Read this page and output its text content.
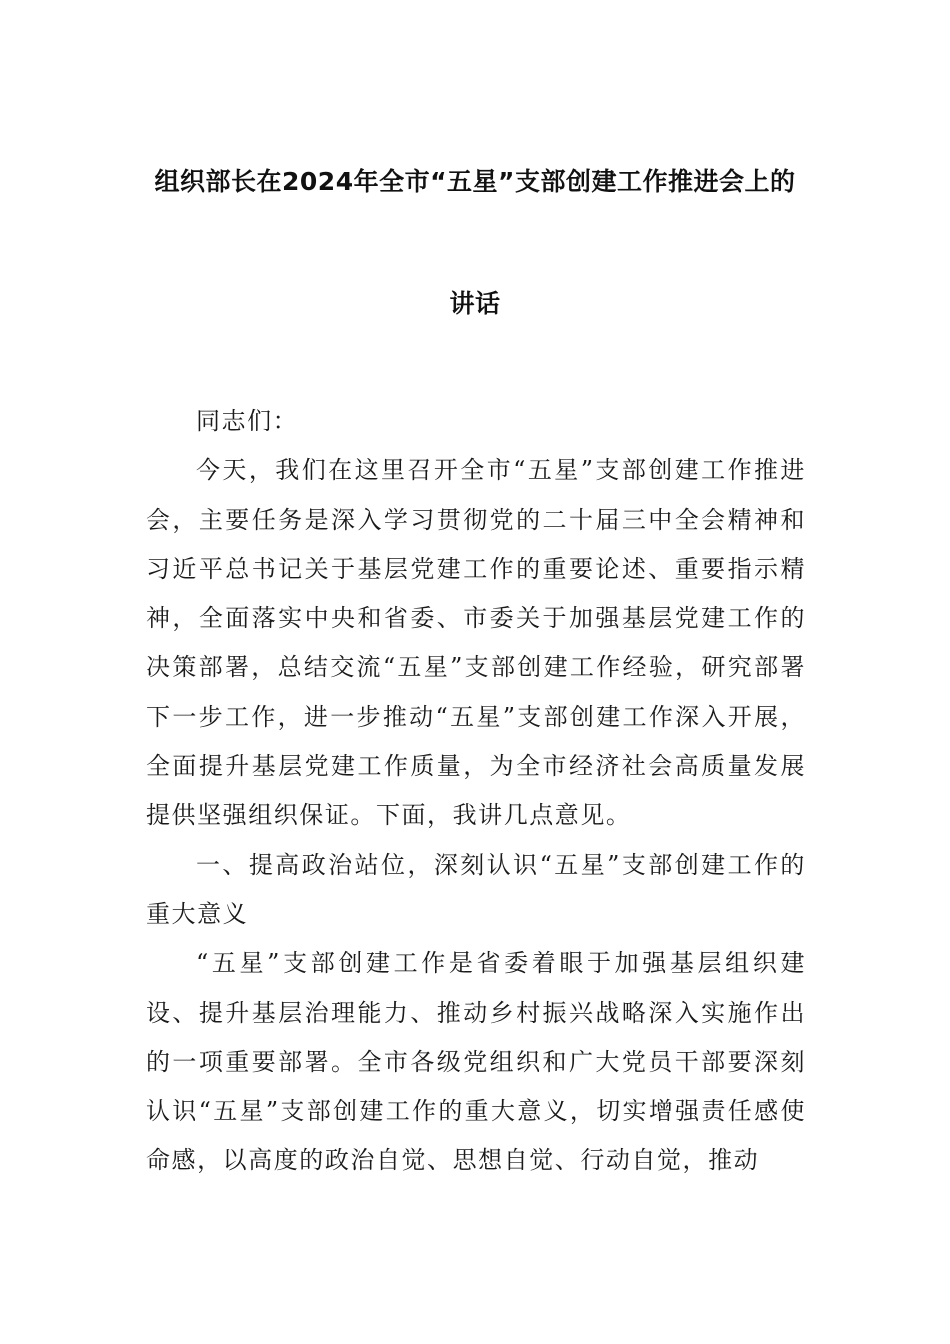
组织部长在2024年全市“五星”支部创建工作推进会上的
讲话

同志们：

今天，我们在这里召开全市“五星”支部创建工作推进会，主要任务是深入学习贯彻党的二十届三中全会精神和习近平总书记关于基层党建工作的重要论述、重要指示精神，全面落实中央和省委、市委关于加强基层党建工作的决策部署，总结交流“五星”支部创建工作经验，研究部署下一步工作，进一步推动“五星”支部创建工作深入开展，全面提升基层党建工作质量，为全市经济社会高质量发展提供坚强组织保证。下面，我讲几点意见。

一、提高政治站位，深刻认识“五星”支部创建工作的重大意义

“五星”支部创建工作是省委着眼于加强基层组织建设、提升基层治理能力、推动乡村振兴战略深入实施作出的一项重要部署。全市各级党组织和广大党员干部要深刻认识“五星”支部创建工作的重大意义，切实增强责任感使命感，以高度的政治自觉、思想自觉、行动自觉，推动
